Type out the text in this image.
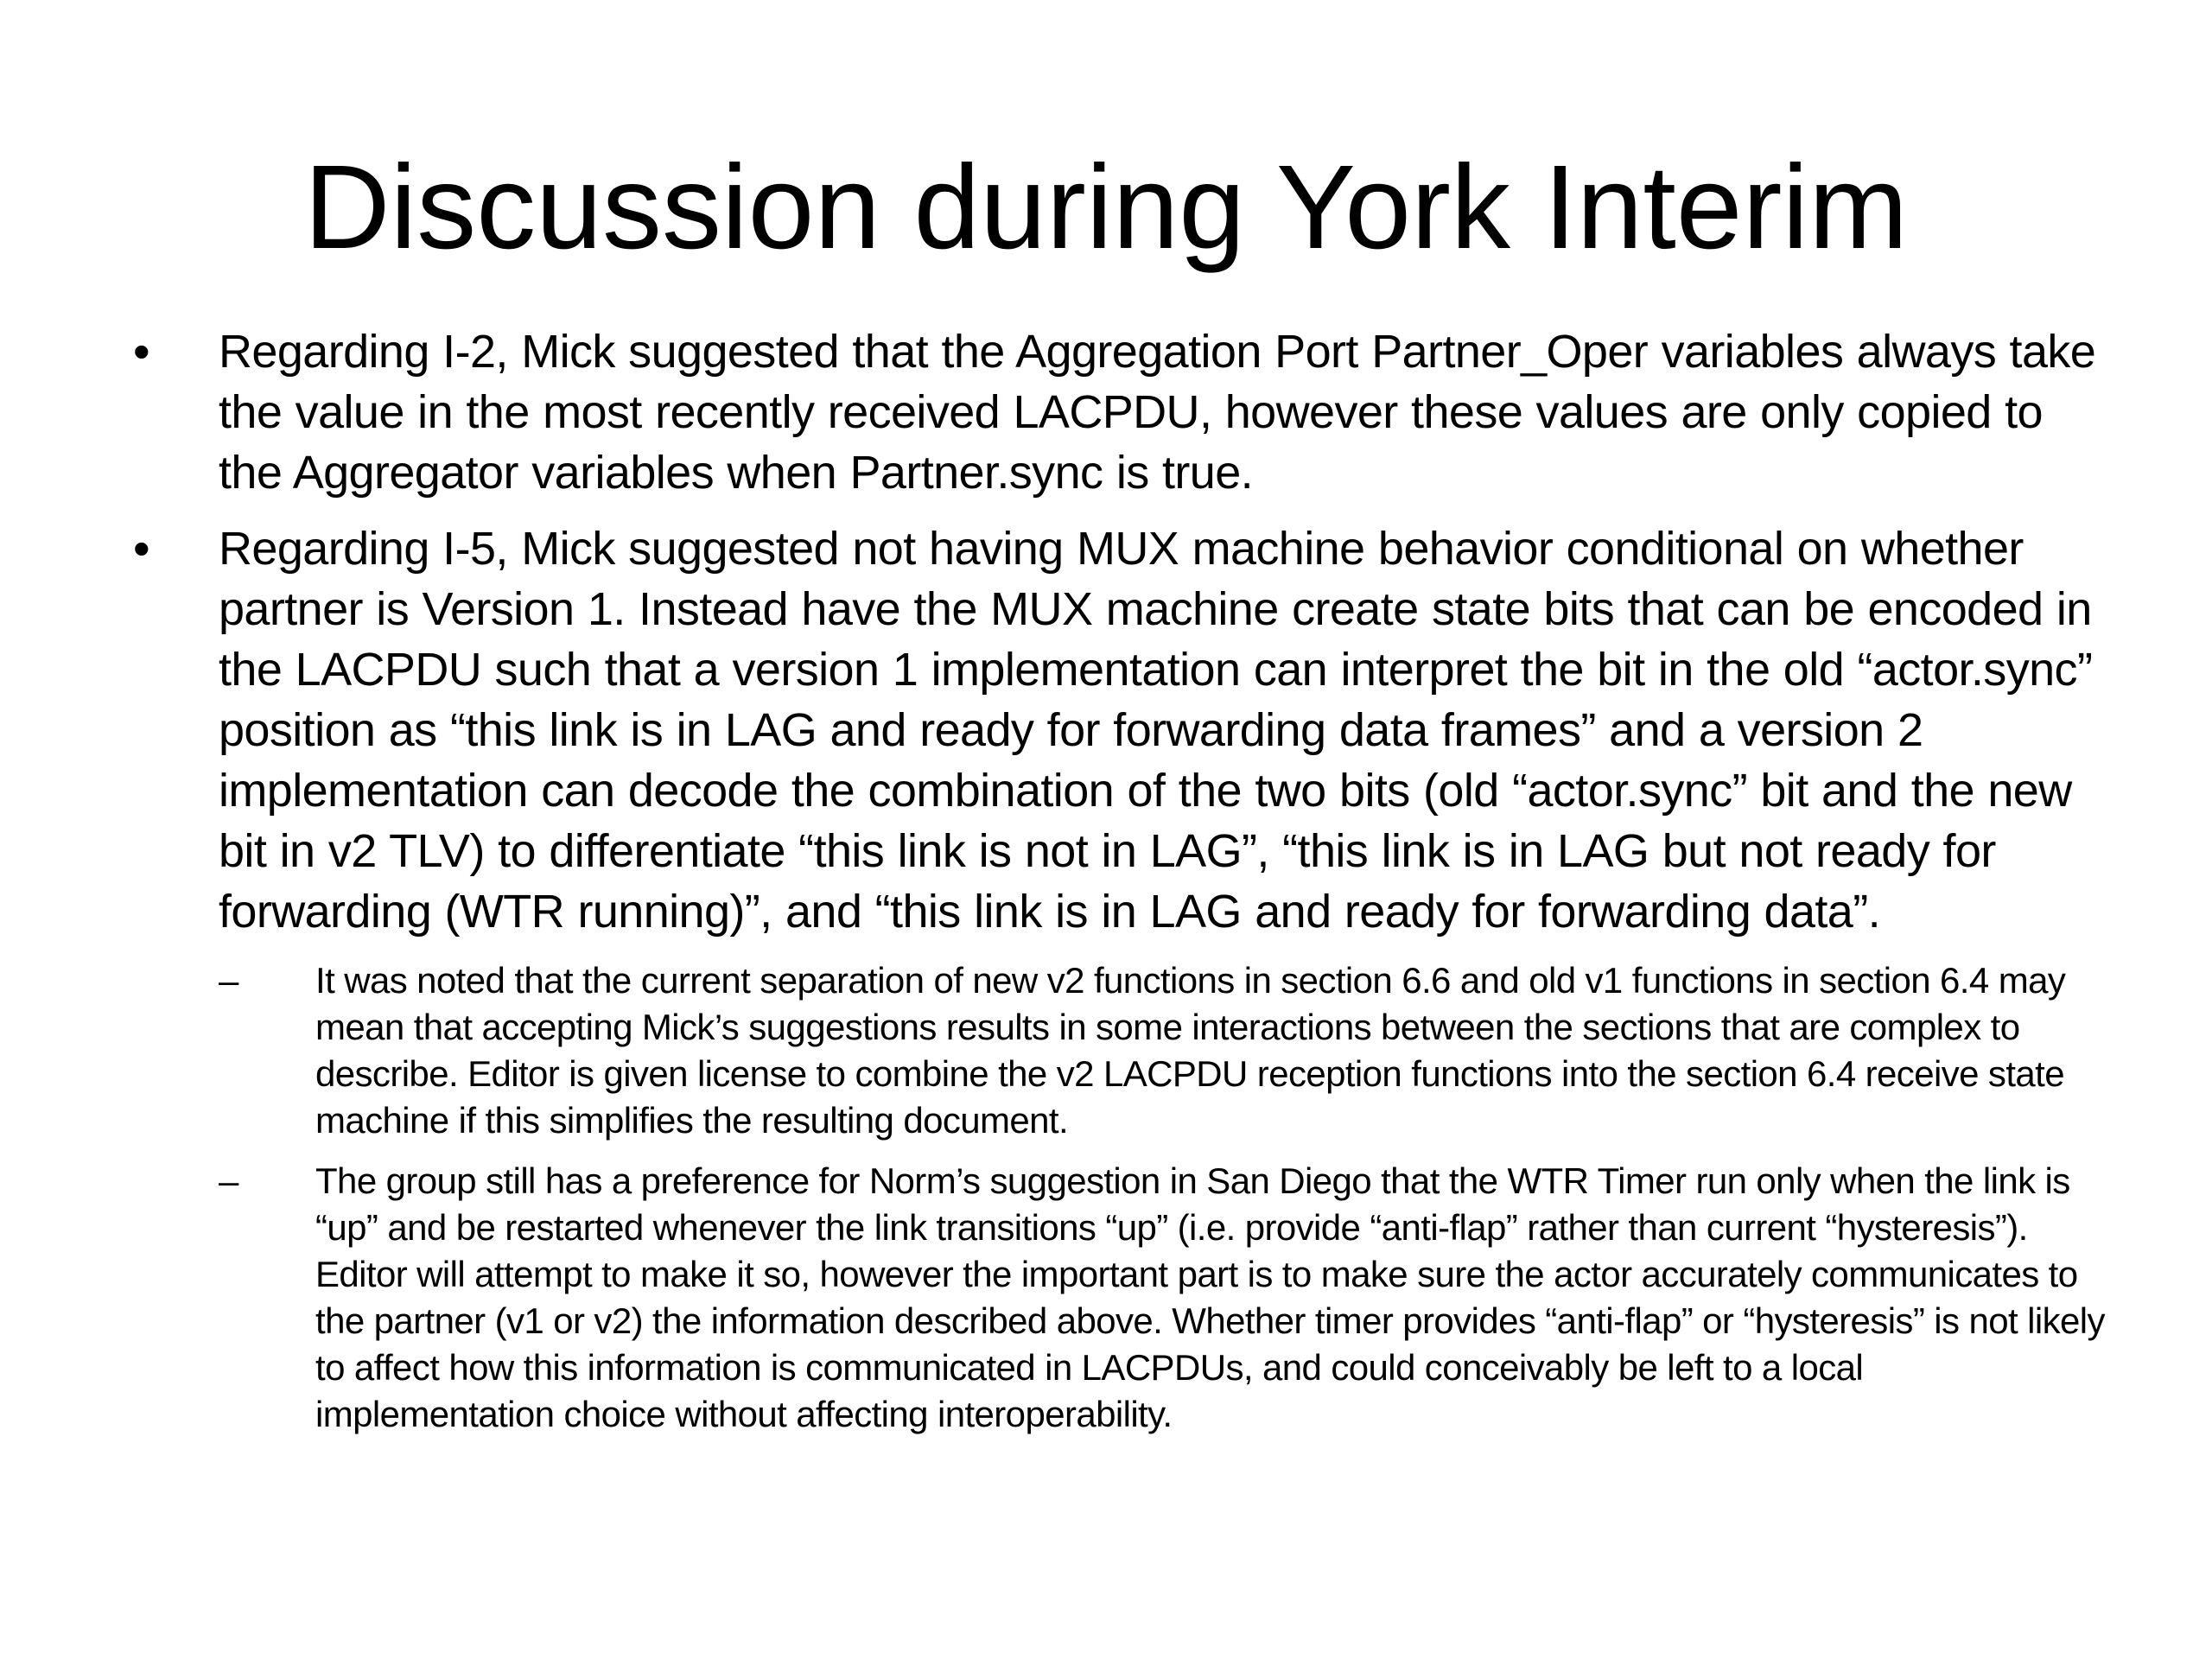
Discussion during York Interim
• Regarding I-2, Mick suggested that the Aggregation Port Partner_Oper variables always take the value in the most recently received LACPDU, however these values are only copied to the Aggregator variables when Partner.sync is true.
• Regarding I-5, Mick suggested not having MUX machine behavior conditional on whether partner is Version 1. Instead have the MUX machine create state bits that can be encoded in the LACPDU such that a version 1 implementation can interpret the bit in the old “actor.sync” position as “this link is in LAG and ready for forwarding data frames” and a version 2 implementation can decode the combination of the two bits (old “actor.sync” bit and the new bit in v2 TLV) to differentiate “this link is not in LAG”, “this link is in LAG but not ready for forwarding (WTR running)”, and “this link is in LAG and ready for forwarding data”.
– It was noted that the current separation of new v2 functions in section 6.6 and old v1 functions in section 6.4 may mean that accepting Mick’s suggestions results in some interactions between the sections that are complex to describe. Editor is given license to combine the v2 LACPDU reception functions into the section 6.4 receive state machine if this simplifies the resulting document.
– The group still has a preference for Norm’s suggestion in San Diego that the WTR Timer run only when the link is “up” and be restarted whenever the link transitions “up” (i.e. provide “anti-flap” rather than current “hysteresis”). Editor will attempt to make it so, however the important part is to make sure the actor accurately communicates to the partner (v1 or v2) the information described above. Whether timer provides “anti-flap” or “hysteresis” is not likely to affect how this information is communicated in LACPDUs, and could conceivably be left to a local implementation choice without affecting interoperability.
